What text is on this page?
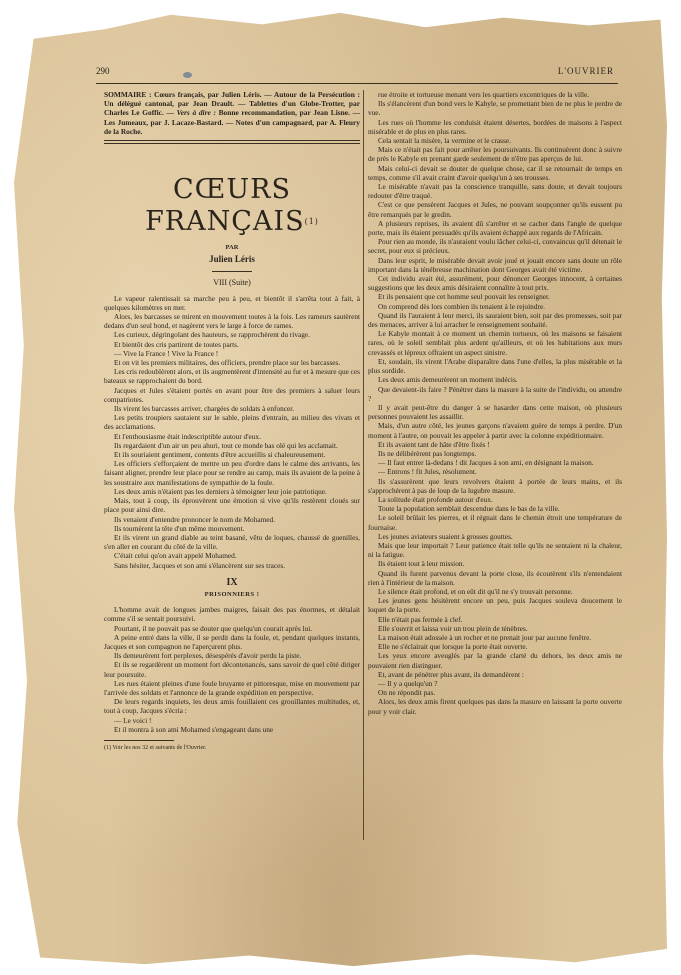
290	L'OUVRIER
SOMMAIRE : Cœurs français, par Julien Léris. — Autour de la Persécution : Un délégué cantonal, par Jean Drault. — Tablettes d'un Globe-Trotter, par Charles Le Goffic. — Vers à dire : Bonne recommandation, par Jean Lisne. — Les Jumeaux, par J. Lacaze-Bastard. — Notes d'un campagnard, par A. Fleury de la Roche.
CŒURS FRANÇAIS$^{(1)}$
PAR
Julien Léris
VIII (Suite)

Le vapeur ralentissait sa marche peu à peu, et bientôt il s'arrêta tout à fait, à quelques kilomètres en mer.

Alors, les barcasses se mirent en mouvement toutes à la fois. Les rameurs sautèrent dedans d'un seul bond, et nagèrent vers le large à force de rames.

Les curieux, dégringolant des hauteurs, se rapprochèrent du rivage.

Et bientôt des cris partirent de toutes parts.

— Vive la France ! Vive la France !

Et on vit les premiers militaires, des officiers, prendre place sur les barcasses.

Les cris redoublèrent alors, et ils augmentèrent d'intensité au fur et à mesure que ces bateaux se rapprochaient du bord.

Jacques et Jules s'étaient portés en avant pour être des premiers à saluer leurs compatriotes.

Ils virent les barcasses arriver, chargées de soldats à enfoncer.

Les petits troupiers sautaient sur le sable, pleins d'entrain, au milieu des vivats et des acclamations.

Et l'enthousiasme était indescriptible autour d'eux.

Ils regardaient d'un air un peu ahuri, tout ce monde bas olé qui les acclamait.

Et ils souriaient gentiment, contents d'être accueillis si chaleureusement.

Les officiers s'efforçaient de mettre un peu d'ordre dans le calme des arrivants, les faisant aligner, prendre leur place pour se rendre au camp, mais ils avaient de la peine à les soustraire aux manifestations de sympathie de la foule.

Les deux amis n'étaient pas les derniers à témoigner leur joie patriotique.

Mais, tout à coup, ils éprouvèrent une émotion si vive qu'ils restèrent cloués sur place pour ainsi dire.

Ils venaient d'entendre prononcer le nom de Mohamed.

Ils tournèrent la tête d'un même mouvement.

Et ils virent un grand diable au teint basané, vêtu de loques, chaussé de guenilles, s'en aller en courant du côté de la ville.

C'était celui qu'on avait appelé Mohamed.

Sans hésiter, Jacques et son ami s'élancèrent sur ses traces.

IX
PRISONNIERS !

L'homme avait de longues jambes maigres, faisait des pas énormes, et détalait comme s'il se sentait poursuivi.

Pourtant, il ne pouvait pas se douter que quelqu'un courait après lui.

A peine entré dans la ville, il se perdit dans la foule, et, pendant quelques instants, Jacques et son compagnon ne l'aperçurent plus.

Ils demeurèrent fort perplexes, désespérés d'avoir perdu la piste.

Et ils se regardèrent un moment fort décontenancés, sans savoir de quel côté diriger leur poursuite.

Les rues étaient pleines d'une foule bruyante et pittoresque, mise en mouvement par l'arrivée des soldats et l'annonce de la grande expédition en perspective.

De leurs regards inquiets, les deux amis fouillaient ces grouillantes multitudes, et, tout à coup, Jacques s'écria :

— Le voici !

Et il montra à son ami Mohamed s'engageant dans une

(1) Voir les nos 32 et suivants de l'Ouvrier.

rue étroite et tortueuse menant vers les quartiers excentriques de la ville.

Ils s'élancèrent d'un bond vers le Kabyle, se promettant bien de ne plus le perdre de vue.

Les rues où l'homme les conduisit étaient désertes, bordées de maisons à l'aspect misérable et de plus en plus rares.

Cela sentait la misère, la vermine et le crasse.

Mais ce n'était pas fait pour arrêter les poursuivants. Ils continuèrent donc à suivre de près le Kabyle en prenant garde seulement de n'être pas aperçus de lui.

Mais celui-ci devait se douter de quelque chose, car il se retournait de temps en temps, comme s'il avait craint d'avoir quelqu'un à ses trousses.

Le misérable n'avait pas la conscience tranquille, sans doute, et devait toujours redouter d'être traqué.

C'est ce que pensèrent Jacques et Jules, ne pouvant soupçonner qu'ils eussent pu être remarqués par le gredin.

A plusieurs reprises, ils avaient dû s'arrêter et se cacher dans l'angle de quelque porte, mais ils étaient persuadés qu'ils avaient échappé aux regards de l'Africain.

Pour rien au monde, ils n'auraient voulu lâcher celui-ci, convaincus qu'il détenait le secret, pour eux si précieux.

Dans leur esprit, le misérable devait avoir joué et jouait encore sans doute un rôle important dans la ténébreuse machination dont Georges avait été victime.

Cet individu avait été, assurément, pour dénoncer Georges innocent, à certaines suggestions que les deux amis désiraient connaître à tout prix.

Et ils pensaient que cet homme seul pouvait les renseigner.

On comprend dès lors combien ils tenaient à le rejoindre.

Quand ils l'auraient à leur merci, ils sauraient bien, soit par des promesses, soit par des menaces, arriver à lui arracher le renseignement souhaité.

Le Kabyle montait à ce moment un chemin tortueux, où les maisons se faisaient rares, où le soleil semblait plus ardent qu'ailleurs, et où les habitations aux murs crevassés et lépreux offraient un aspect sinistre.

Et, soudain, ils virent l'Arabe disparaître dans l'une d'elles, la plus misérable et la plus sordide.

Les deux amis demeurèrent un moment indécis.

Que devaient-ils faire ? Pénétrer dans la masure à la suite de l'individu, ou attendre ?

Il y avait peut-être du danger à se hasarder dans cette maison, où plusieurs personnes pouvaient les assaillir.

Mais, d'un autre côté, les jeunes garçons n'avaient guère de temps à perdre. D'un moment à l'autre, on pouvait les appeler à partir avec la colonne expéditionnaire.

Et ils avaient tant de hâte d'être fixés !

Ils ne délibérèrent pas longtemps.

— Il faut entrer là-dedans ! dit Jacques à son ami, en désignant la maison.

— Entrons ! fit Jules, résolument.

Ils s'assurèrent que leurs revolvers étaient à portée de leurs mains, et ils s'approchèrent à pas de loup de la lugubre masure.

La solitude était profonde autour d'eux.

Toute la population semblait descendue dans le bas de la ville.

Le soleil brûlait les pierres, et il régnait dans le chemin étroit une température de fournaise.

Les jeunes aviateurs suaient à grosses gouttes.

Mais que leur importait ? Leur patience était telle qu'ils ne sentaient ni la chaleur, ni la fatigue.

Ils étaient tout à leur mission.

Quand ils furent parvenus devant la porte close, ils écoutèrent s'ils n'entendaient rien à l'intérieur de la maison.

Le silence était profond, et on eût dit qu'il ne s'y trouvait personne.

Les jeunes gens hésitèrent encore un peu, puis Jacques souleva doucement le loquet de la porte.

Elle n'était pas fermée à clef.

Elle s'ouvrit et laissa voir un trou plein de ténèbres.

La maison était adossée à un rocher et ne prenait jour par aucune fenêtre.

Elle ne s'éclairait que lorsque la porte était ouverte.

Les yeux encore aveuglés par la grande clarté du dehors, les deux amis ne pouvaient rien distinguer.

Et, avant de pénétrer plus avant, ils demandèrent :

— Il y a quelqu'un ?

On ne répondit pas.

Alors, les deux amis firent quelques pas dans la masure en laissant la porte ouverte pour y voir clair.
